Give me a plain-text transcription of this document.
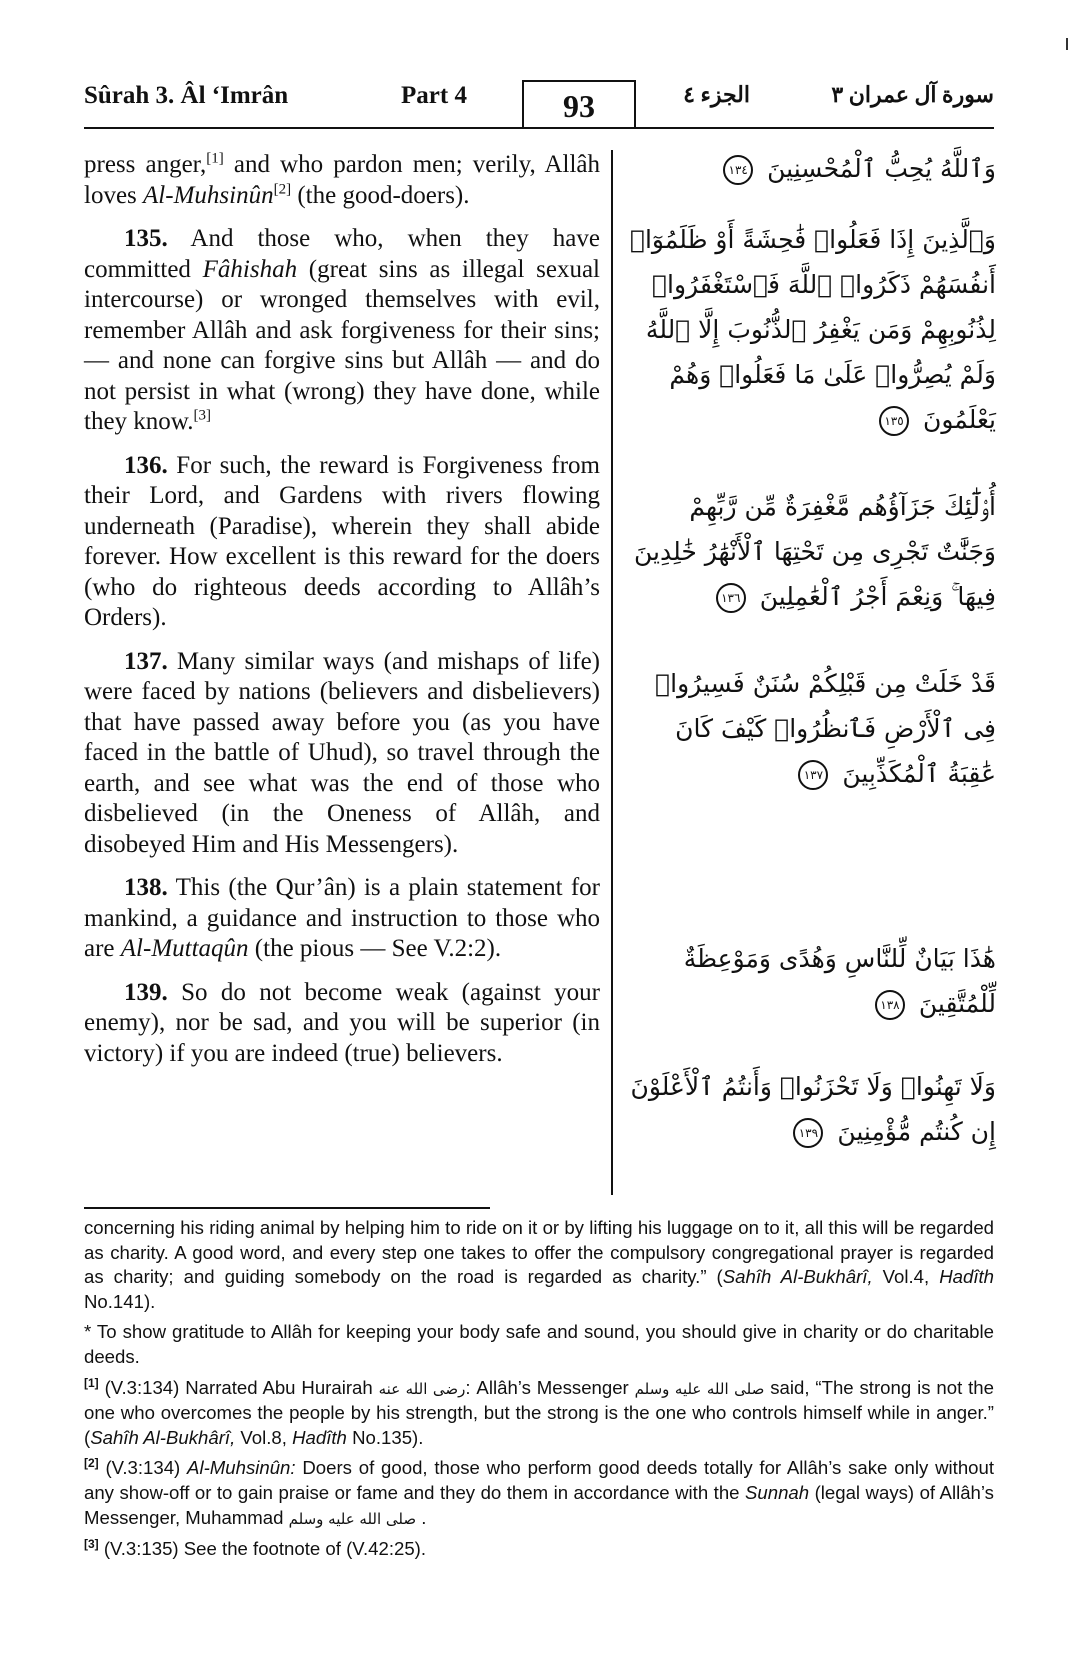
Sûrah 3. Âl ‘Imrân	Part 4	93	الجزء ٤	سورة آل عمران ٣

press anger,[1] and who pardon men; verily, Allâh loves Al-Muhsinûn[2] (the good-doers).

135. And those who, when they have committed Fâhishah (great sins as illegal sexual intercourse) or wronged themselves with evil, remember Allâh and ask forgiveness for their sins; — and none can forgive sins but Allâh — and do not persist in what (wrong) they have done, while they know.[3]

136. For such, the reward is Forgiveness from their Lord, and Gardens with rivers flowing underneath (Paradise), wherein they shall abide forever. How excellent is this reward for the doers (who do righteous deeds according to Allâh’s Orders).

137. Many similar ways (and mishaps of life) were faced by nations (believers and disbelievers) that have passed away before you (as you have faced in the battle of Uhud), so travel through the earth, and see what was the end of those who disbelieved (in the Oneness of Allâh, and disobeyed Him and His Messengers).

138. This (the Qur’ân) is a plain statement for mankind, a guidance and instruction to those who are Al-Muttaqûn (the pious — See V.2:2).

139. So do not become weak (against your enemy), nor be sad, and you will be superior (in victory) if you are indeed (true) believers.

وَٱللَّهُ يُحِبُّ ٱلْمُحْسِنِينَ ١٣٤
وَٱلَّذِينَ إِذَا فَعَلُوا۟ فَٰحِشَةً أَوْ ظَلَمُوٓا۟ أَنفُسَهُمْ ذَكَرُوا۟ ٱللَّهَ فَٱسْتَغْفَرُوا۟ لِذُنُوبِهِمْ وَمَن يَغْفِرُ ٱلذُّنُوبَ إِلَّا ٱللَّهُ وَلَمْ يُصِرُّوا۟ عَلَىٰ مَا فَعَلُوا۟ وَهُمْ يَعْلَمُونَ ١٣٥
أُو۟لَٰٓئِكَ جَزَآؤُهُم مَّغْفِرَةٌ مِّن رَّبِّهِمْ وَجَنَّٰتٌ تَجْرِى مِن تَحْتِهَا ٱلْأَنْهَٰرُ خَٰلِدِينَ فِيهَا ۚ وَنِعْمَ أَجْرُ ٱلْعَٰمِلِينَ ١٣٦
قَدْ خَلَتْ مِن قَبْلِكُمْ سُنَنٌ فَسِيرُوا۟ فِى ٱلْأَرْضِ فَٱنظُرُوا۟ كَيْفَ كَانَ عَٰقِبَةُ ٱلْمُكَذِّبِينَ ١٣٧
هَٰذَا بَيَانٌ لِّلنَّاسِ وَهُدًى وَمَوْعِظَةٌ لِّلْمُتَّقِينَ ١٣٨
وَلَا تَهِنُوا۟ وَلَا تَحْزَنُوا۟ وَأَنتُمُ ٱلْأَعْلَوْنَ إِن كُنتُم مُّؤْمِنِينَ ١٣٩

concerning his riding animal by helping him to ride on it or by lifting his luggage on to it, all this will be regarded as charity. A good word, and every step one takes to offer the compulsory congregational prayer is regarded as charity; and guiding somebody on the road is regarded as charity.” (Sahîh Al-Bukhârî, Vol.4, Hadîth No.141).

* To show gratitude to Allâh for keeping your body safe and sound, you should give in charity or do charitable deeds.

[1] (V.3:134) Narrated Abu Hurairah رضى الله عنه: Allâh’s Messenger صلى الله عليه وسلم said, “The strong is not the one who overcomes the people by his strength, but the strong is the one who controls himself while in anger.” (Sahîh Al-Bukhârî, Vol.8, Hadîth No.135).

[2] (V.3:134) Al-Muhsinûn: Doers of good, those who perform good deeds totally for Allâh’s sake only without any show-off or to gain praise or fame and they do them in accordance with the Sunnah (legal ways) of Allâh’s Messenger, Muhammad صلى الله عليه وسلم .

[3] (V.3:135) See the footnote of (V.42:25).
